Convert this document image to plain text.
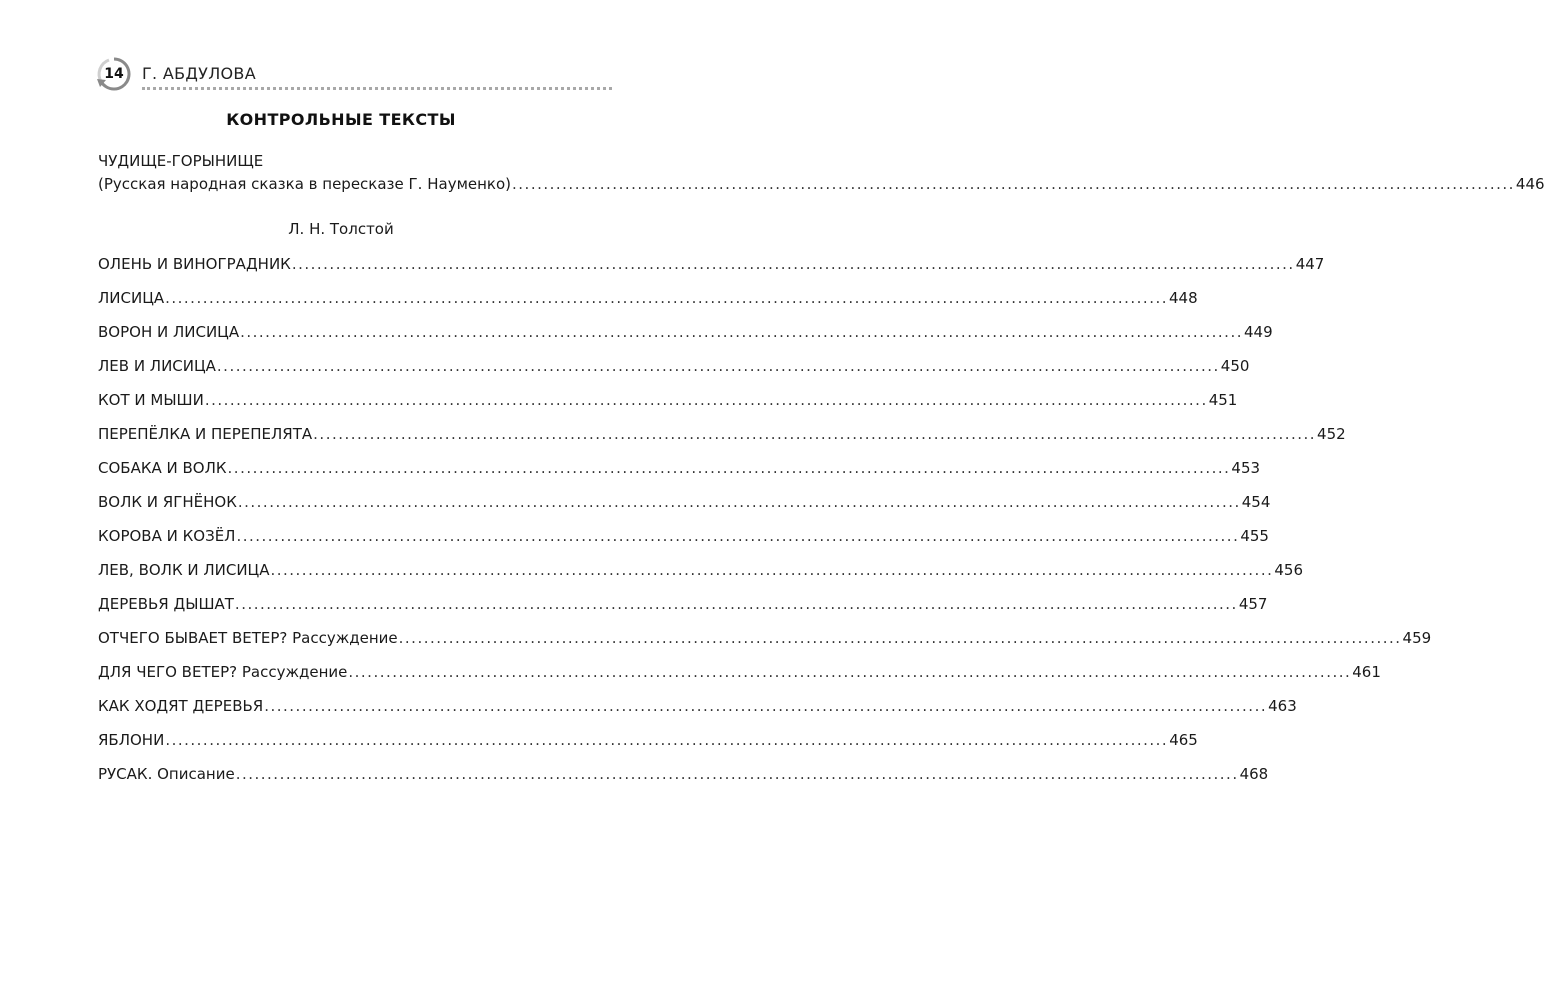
14	Г. АБДУЛОВА
КОНТРОЛЬНЫЕ ТЕКСТЫ
ЧУДИЩЕ-ГОРЫНИЩЕ
(Русская народная сказка в пересказе Г. Науменко) ................................................................................................................................................................ 446
Л. Н. Толстой
ОЛЕНЬ И ВИНОГРАДНИК ................................................................................................................................................................ 447
ЛИСИЦА ................................................................................................................................................................ 448
ВОРОН И ЛИСИЦА ................................................................................................................................................................ 449
ЛЕВ И ЛИСИЦА ................................................................................................................................................................ 450
КОТ И МЫШИ ................................................................................................................................................................ 451
ПЕРЕПЁЛКА И ПЕРЕПЕЛЯТА ................................................................................................................................................................ 452
СОБАКА И ВОЛК ................................................................................................................................................................ 453
ВОЛК И ЯГНЁНОК ................................................................................................................................................................ 454
КОРОВА И КОЗЁЛ ................................................................................................................................................................ 455
ЛЕВ, ВОЛК И ЛИСИЦА ................................................................................................................................................................ 456
ДЕРЕВЬЯ ДЫШАТ ................................................................................................................................................................ 457
ОТЧЕГО БЫВАЕТ ВЕТЕР? Рассуждение ................................................................................................................................................................ 459
ДЛЯ ЧЕГО ВЕТЕР? Рассуждение ................................................................................................................................................................ 461
КАК ХОДЯТ ДЕРЕВЬЯ ................................................................................................................................................................ 463
ЯБЛОНИ ................................................................................................................................................................ 465
РУСАК. Описание ................................................................................................................................................................ 468
